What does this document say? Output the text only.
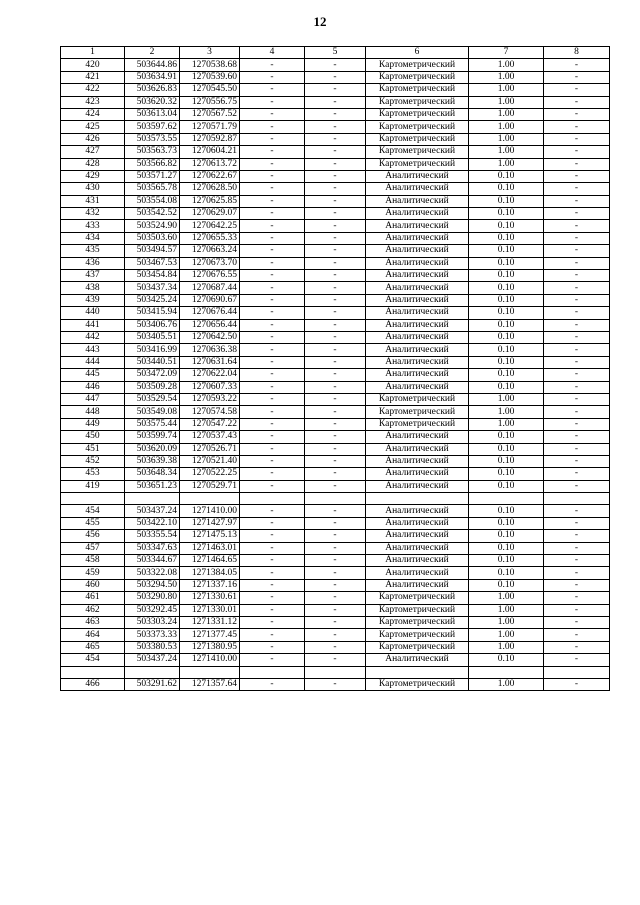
12
1	2	3	4	5	6	7	8
420	503644.86	1270538.68	-	-	Картометрический	1.00	-
421	503634.91	1270539.60	-	-	Картометрический	1.00	-
422	503626.83	1270545.50	-	-	Картометрический	1.00	-
423	503620.32	1270556.75	-	-	Картометрический	1.00	-
424	503613.04	1270567.52	-	-	Картометрический	1.00	-
425	503597.62	1270571.79	-	-	Картометрический	1.00	-
426	503573.55	1270592.87	-	-	Картометрический	1.00	-
427	503563.73	1270604.21	-	-	Картометрический	1.00	-
428	503566.82	1270613.72	-	-	Картометрический	1.00	-
429	503571.27	1270622.67	-	-	Аналитический	0.10	-
430	503565.78	1270628.50	-	-	Аналитический	0.10	-
431	503554.08	1270625.85	-	-	Аналитический	0.10	-
432	503542.52	1270629.07	-	-	Аналитический	0.10	-
433	503524.90	1270642.25	-	-	Аналитический	0.10	-
434	503503.60	1270655.33	-	-	Аналитический	0.10	-
435	503494.57	1270663.24	-	-	Аналитический	0.10	-
436	503467.53	1270673.70	-	-	Аналитический	0.10	-
437	503454.84	1270676.55	-	-	Аналитический	0.10	-
438	503437.34	1270687.44	-	-	Аналитический	0.10	-
439	503425.24	1270690.67	-	-	Аналитический	0.10	-
440	503415.94	1270676.44	-	-	Аналитический	0.10	-
441	503406.76	1270656.44	-	-	Аналитический	0.10	-
442	503405.51	1270642.50	-	-	Аналитический	0.10	-
443	503416.99	1270636.38	-	-	Аналитический	0.10	-
444	503440.51	1270631.64	-	-	Аналитический	0.10	-
445	503472.09	1270622.04	-	-	Аналитический	0.10	-
446	503509.28	1270607.33	-	-	Аналитический	0.10	-
447	503529.54	1270593.22	-	-	Картометрический	1.00	-
448	503549.08	1270574.58	-	-	Картометрический	1.00	-
449	503575.44	1270547.22	-	-	Картометрический	1.00	-
450	503599.74	1270537.43	-	-	Аналитический	0.10	-
451	503620.09	1270526.71	-	-	Аналитический	0.10	-
452	503639.38	1270521.40	-	-	Аналитический	0.10	-
453	503648.34	1270522.25	-	-	Аналитический	0.10	-
419	503651.23	1270529.71	-	-	Аналитический	0.10	-

454	503437.24	1271410.00	-	-	Аналитический	0.10	-
455	503422.10	1271427.97	-	-	Аналитический	0.10	-
456	503355.54	1271475.13	-	-	Аналитический	0.10	-
457	503347.63	1271463.01	-	-	Аналитический	0.10	-
458	503344.67	1271464.65	-	-	Аналитический	0.10	-
459	503322.08	1271384.05	-	-	Аналитический	0.10	-
460	503294.50	1271337.16	-	-	Аналитический	0.10	-
461	503290.80	1271330.61	-	-	Картометрический	1.00	-
462	503292.45	1271330.01	-	-	Картометрический	1.00	-
463	503303.24	1271331.12	-	-	Картометрический	1.00	-
464	503373.33	1271377.45	-	-	Картометрический	1.00	-
465	503380.53	1271380.95	-	-	Картометрический	1.00	-
454	503437.24	1271410.00	-	-	Аналитический	0.10	-

466	503291.62	1271357.64	-	-	Картометрический	1.00	-
